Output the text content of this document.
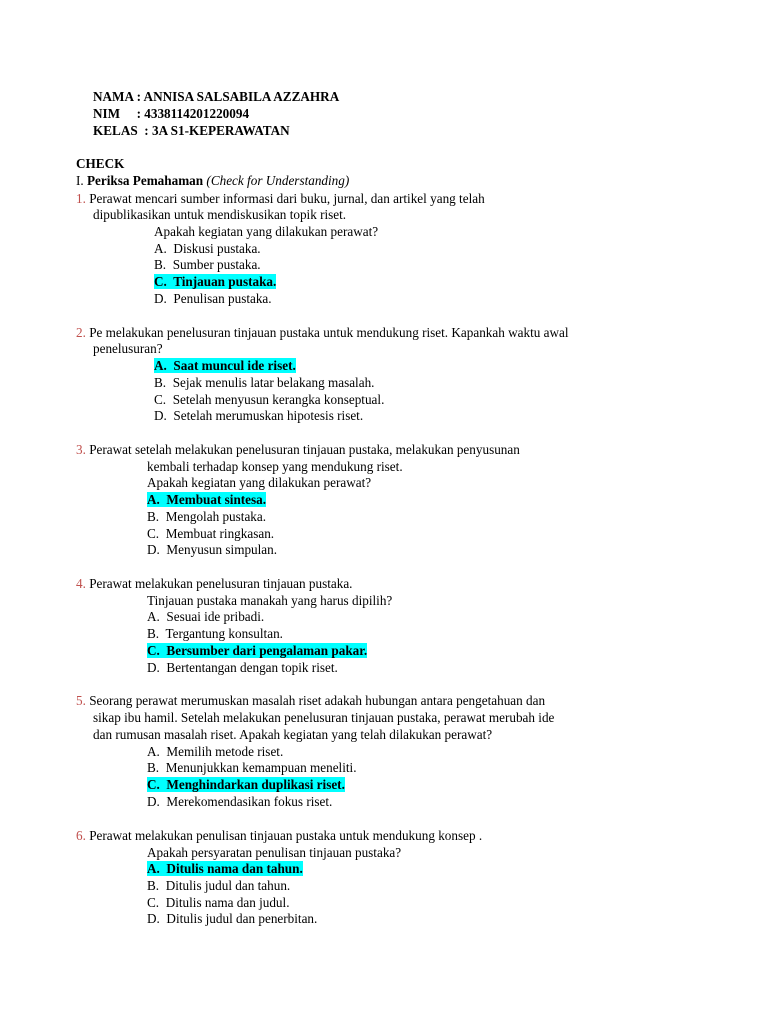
NAMA : ANNISA SALSABILA AZZAHRA
NIM     : 4338114201220094
KELAS  : 3A S1-KEPERAWATAN
CHECK
I. Periksa Pemahaman (Check for Understanding)
1. Perawat mencari sumber informasi dari buku, jurnal, dan artikel yang telah
dipublikasikan untuk mendiskusikan topik riset.
Apakah kegiatan yang dilakukan perawat?
A. Diskusi pustaka.
B. Sumber pustaka.
C. Tinjauan pustaka.
D. Penulisan pustaka.
2. Pe melakukan penelusuran tinjauan pustaka untuk mendukung riset. Kapankah waktu awal
penelusuran?
A. Saat muncul ide riset.
B. Sejak menulis latar belakang masalah.
C. Setelah menyusun kerangka konseptual.
D. Setelah merumuskan hipotesis riset.
3. Perawat setelah melakukan penelusuran tinjauan pustaka, melakukan penyusunan
kembali terhadap konsep yang mendukung riset.
Apakah kegiatan yang dilakukan perawat?
A. Membuat sintesa.
B. Mengolah pustaka.
C. Membuat ringkasan.
D. Menyusun simpulan.
4. Perawat melakukan penelusuran tinjauan pustaka.
Tinjauan pustaka manakah yang harus dipilih?
A. Sesuai ide pribadi.
B. Tergantung konsultan.
C. Bersumber dari pengalaman pakar.
D. Bertentangan dengan topik riset.
5. Seorang perawat merumuskan masalah riset adakah hubungan antara pengetahuan dan
sikap ibu hamil. Setelah melakukan penelusuran tinjauan pustaka, perawat merubah ide
dan rumusan masalah riset. Apakah kegiatan yang telah dilakukan perawat?
A. Memilih metode riset.
B. Menunjukkan kemampuan meneliti.
C. Menghindarkan duplikasi riset.
D. Merekomendasikan fokus riset.
6. Perawat melakukan penulisan tinjauan pustaka untuk mendukung konsep .
Apakah persyaratan penulisan tinjauan pustaka?
A. Ditulis nama dan tahun.
B. Ditulis judul dan tahun.
C. Ditulis nama dan judul.
D. Ditulis judul dan penerbitan.
